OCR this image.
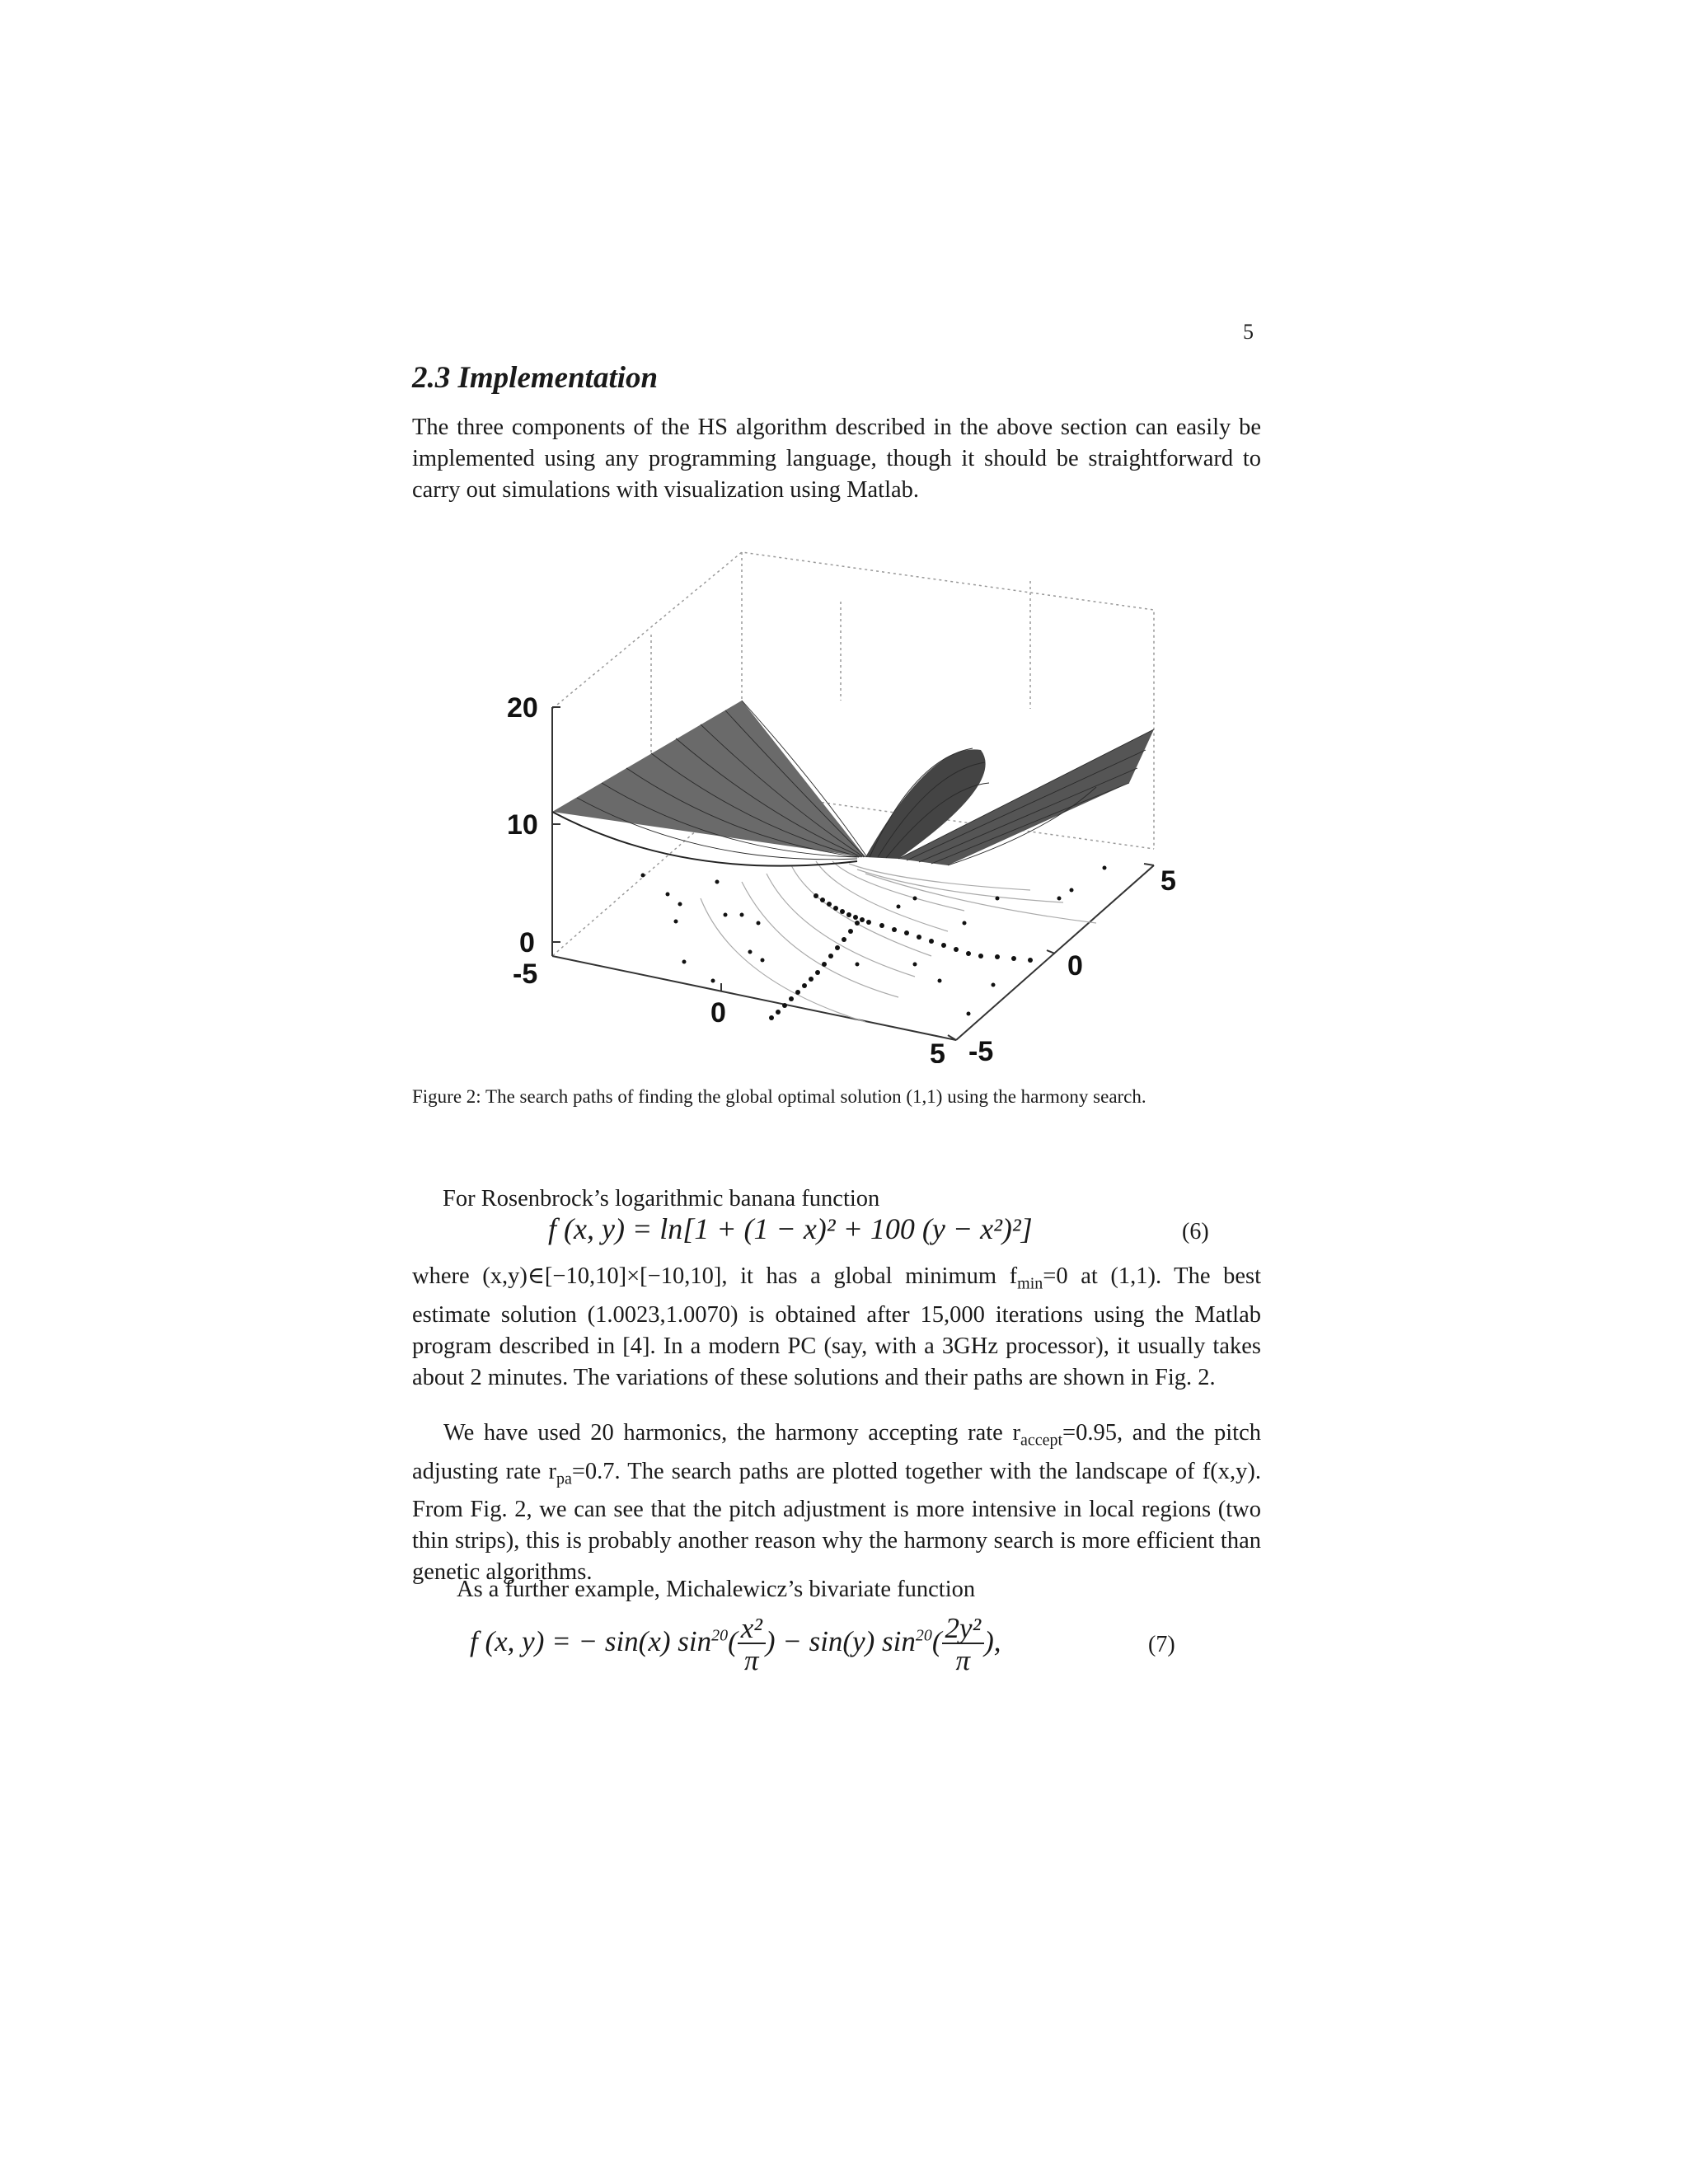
5
2.3 Implementation

The three components of the HS algorithm described in the above section can easily be implemented using any programming language, though it should be straightforward to carry out simulations with visualization using Matlab.

20
10
0
-5
0
5 -5
0
5
Figure 2: The search paths of finding the global optimal solution (1,1) using the harmony search.

For Rosenbrock’s logarithmic banana function

f (x, y) = ln[1 + (1 − x)² + 100 (y − x²)²]	(6)

where (x,y)∈[−10,10]×[−10,10], it has a global minimum $f_{min}=0$ at (1,1). The best estimate solution (1.0023,1.0070) is obtained after 15,000 iterations using the Matlab program described in [4]. In a modern PC (say, with a 3GHz processor), it usually takes about 2 minutes. The variations of these solutions and their paths are shown in Fig. 2.

We have used 20 harmonics, the harmony accepting rate $r_{accept}=0.95$, and the pitch adjusting rate $r_{pa}=0.7$. The search paths are plotted together with the landscape of f(x,y). From Fig. 2, we can see that the pitch adjustment is more intensive in local regions (two thin strips), this is probably another reason why the harmony search is more efficient than genetic algorithms.

As a further example, Michalewicz’s bivariate function

f (x, y) = − sin(x) $\sin^{20}( \frac{\text{x²}}{\pi}$ ) − sin(y) $\sin^{20}( \frac{\text{2y²}}{\pi}$ ),	(7)
